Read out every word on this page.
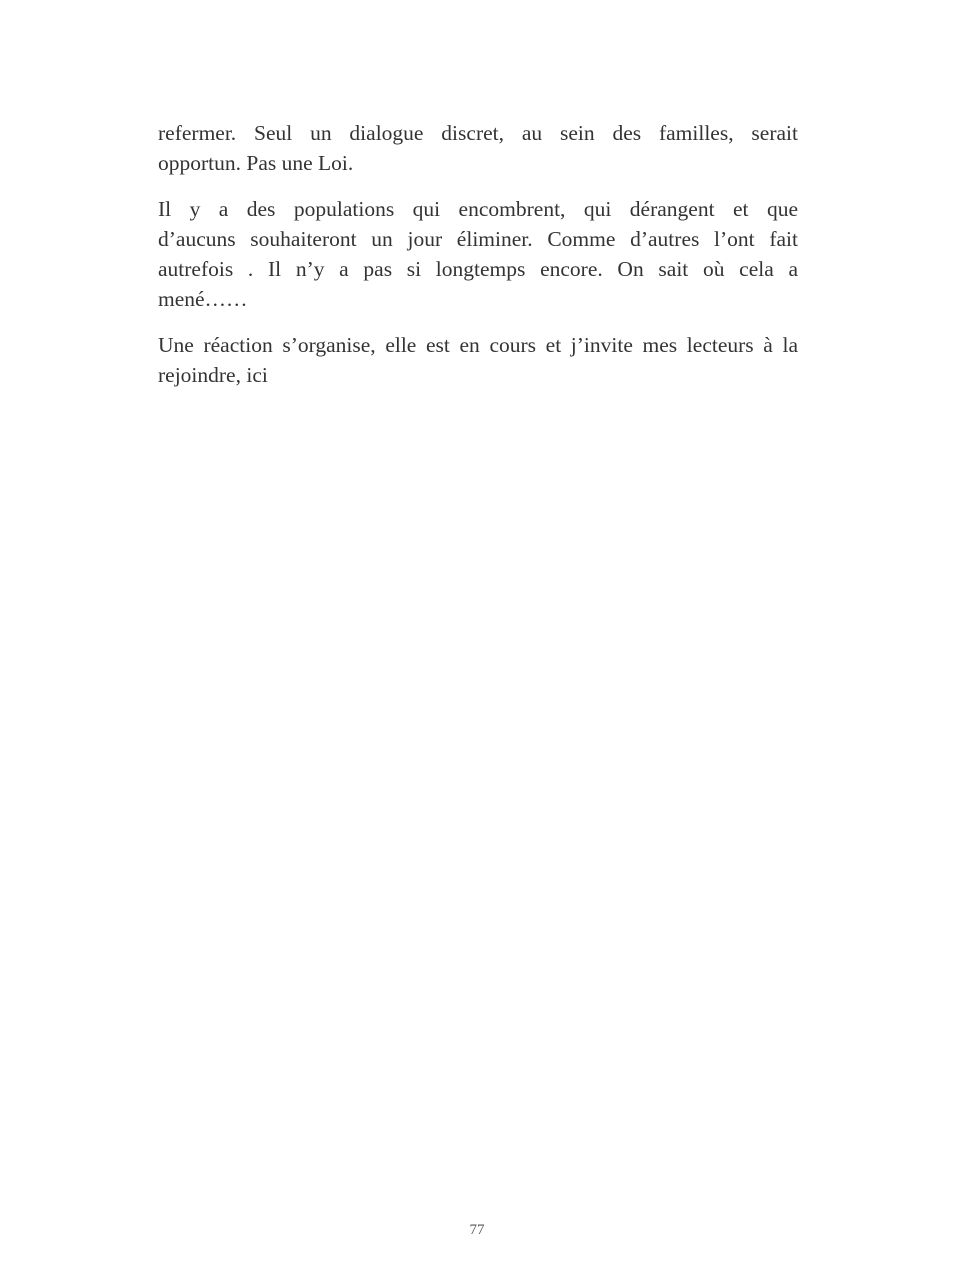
refermer. Seul un dialogue discret, au sein des familles, serait
opportun. Pas une Loi.

Il y a des populations qui encombrent, qui dérangent et que
d’aucuns souhaiteront un jour éliminer. Comme d’autres l’ont fait
autrefois . Il n’y a pas si longtemps encore. On sait où cela a
mené……

Une réaction s’organise, elle est en cours et j’invite mes lecteurs à la
rejoindre, ici

77
